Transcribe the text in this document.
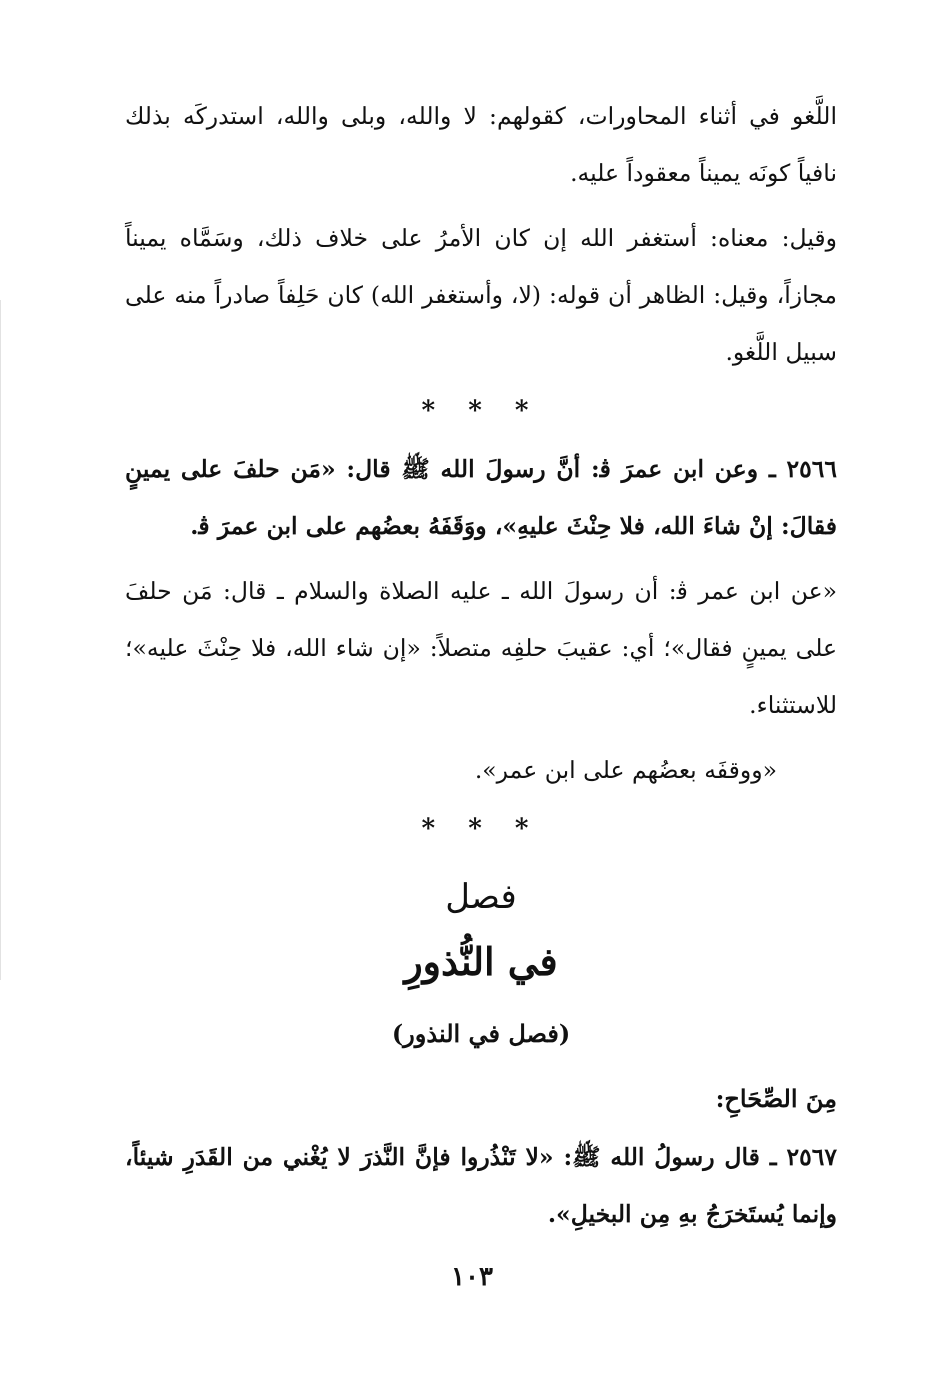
اللَّغو في أثناء المحاورات، كقولهم: لا والله، وبلى والله، استدركَه بذلك نافياً كونَه يميناً معقوداً عليه.

وقيل: معناه: أستغفر الله إن كان الأمرُ على خلاف ذلك، وسَمَّاه يميناً مجازاً، وقيل: الظاهر أن قوله: (لا، وأستغفر الله) كان حَلِفاً صادراً منه على سبيل اللَّغو.

* * *

٢٥٦٦ ـ وعن ابن عمرَ ﭬ: أنَّ رسولَ الله ﷺ قال: «مَن حلفَ على يمينٍ فقالَ: إنْ شاءَ الله، فلا حِنْثَ عليهِ»، ووَقَفَهُ بعضُهم على ابن عمرَ ﭬ.

«عن ابن عمر ﭬ: أن رسولَ الله ـ عليه الصلاة والسلام ـ قال: مَن حلفَ على يمينٍ فقال»؛ أي: عقيبَ حلفِه متصلاً: «إن شاء الله، فلا حِنْثَ عليه»؛ للاستثناء.

«ووقفَه بعضُهم على ابن عمر».

* * *
فصل
في النُّذورِ
(فصل في النذور)
مِنَ الصِّحَاحِ:

٢٥٦٧ ـ قال رسولُ الله ﷺ: «لا تَنْذُروا فإنَّ النَّذرَ لا يُغْني من القَدَرِ شيئاً، وإنما يُستَخرَجُ بهِ مِن البخيلِ».

١٠٣
